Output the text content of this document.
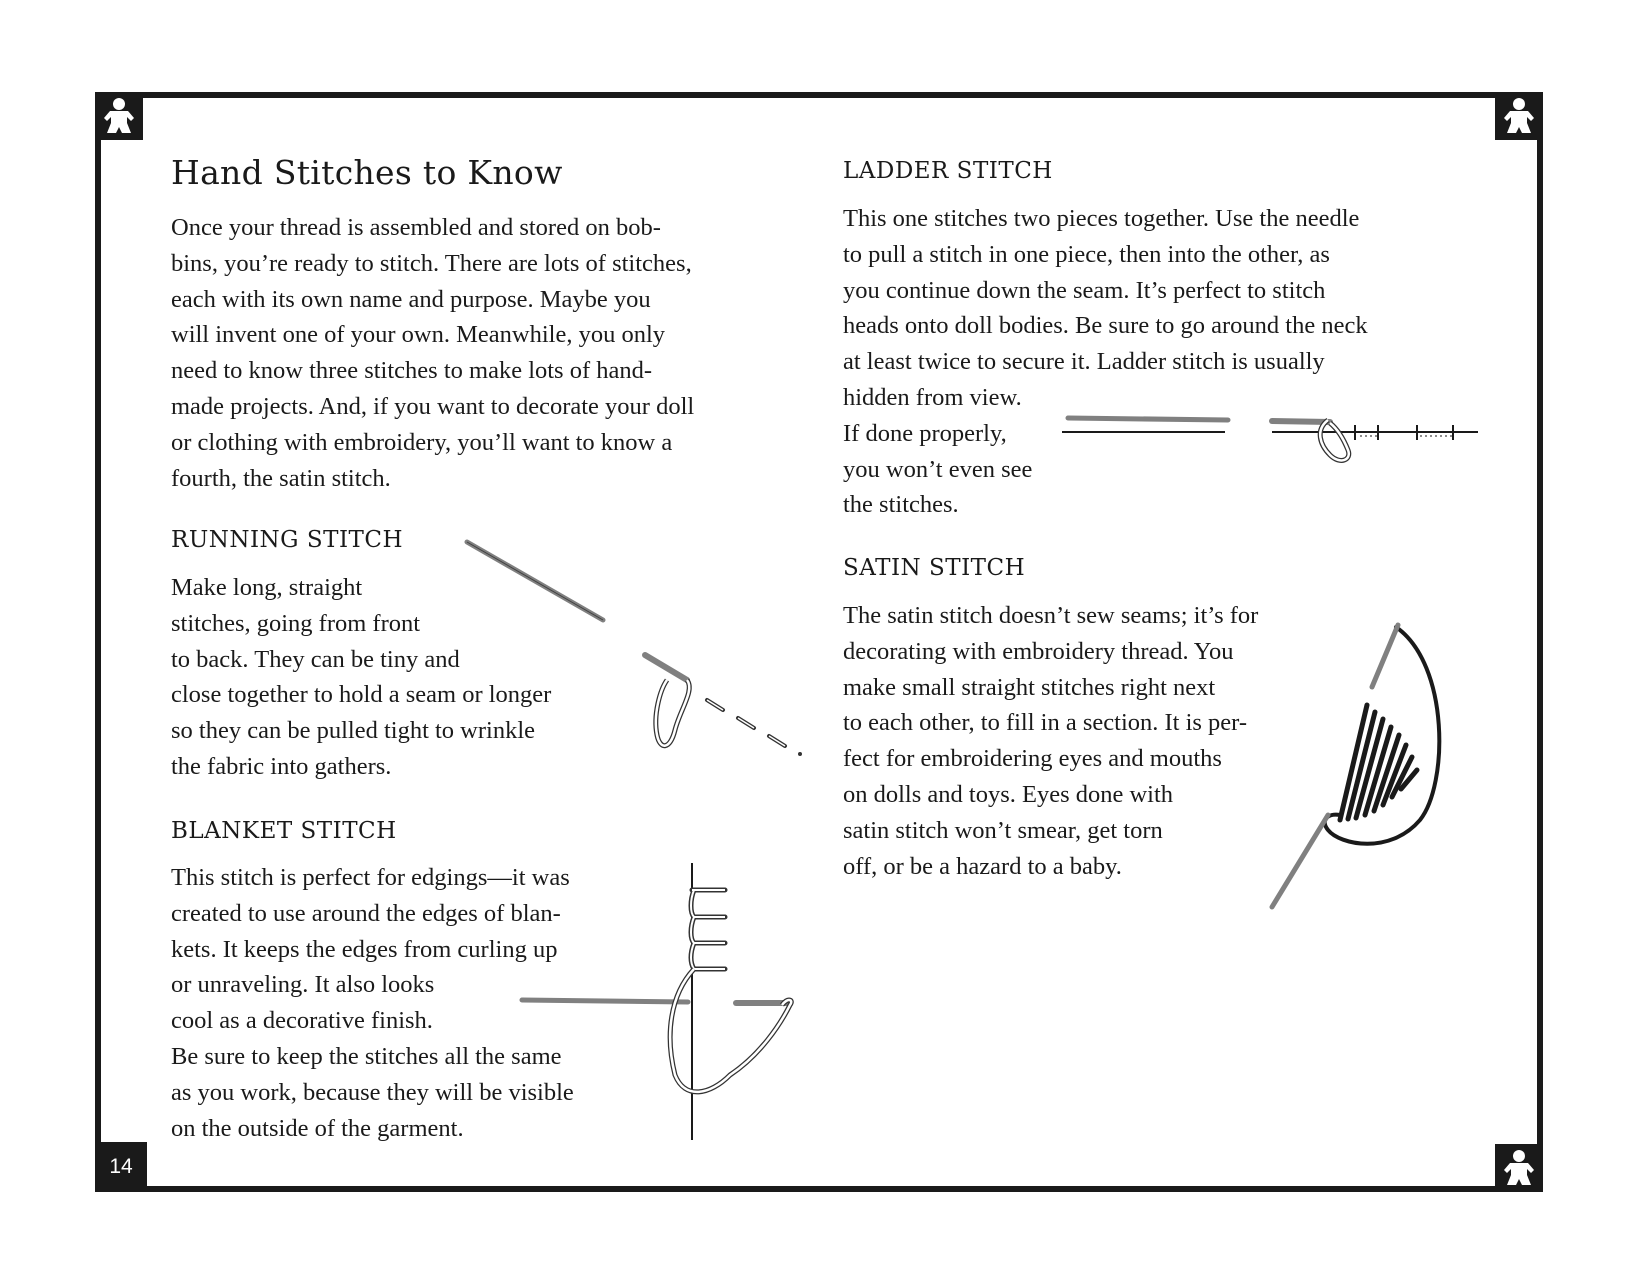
14
Hand Stitches to Know
Once your thread is assembled and stored on bob-
bins, you’re ready to stitch. There are lots of stitches,
each with its own name and purpose. Maybe you
will invent one of your own. Meanwhile, you only
need to know three stitches to make lots of hand-
made projects. And, if you want to decorate your doll
or clothing with embroidery, you’ll want to know a
fourth, the satin stitch.
RUNNING STITCH
Make long, straight
stitches, going from front
to back. They can be tiny and
close together to hold a seam or longer
so they can be pulled tight to wrinkle
the fabric into gathers.
BLANKET STITCH
This stitch is perfect for edgings—it was
created to use around the edges of blan-
kets. It keeps the edges from curling up
or unraveling. It also looks
cool as a decorative finish.
Be sure to keep the stitches all the same
as you work, because they will be visible
on the outside of the garment.
LADDER STITCH
This one stitches two pieces together. Use the needle
to pull a stitch in one piece, then into the other, as
you continue down the seam. It’s perfect to stitch
heads onto doll bodies. Be sure to go around the neck
at least twice to secure it. Ladder stitch is usually
hidden from view.
If done properly,
you won’t even see
the stitches.
SATIN STITCH
The satin stitch doesn’t sew seams; it’s for
decorating with embroidery thread. You
make small straight stitches right next
to each other, to fill in a section. It is per-
fect for embroidering eyes and mouths
on dolls and toys. Eyes done with
satin stitch won’t smear, get torn
off, or be a hazard to a baby.
